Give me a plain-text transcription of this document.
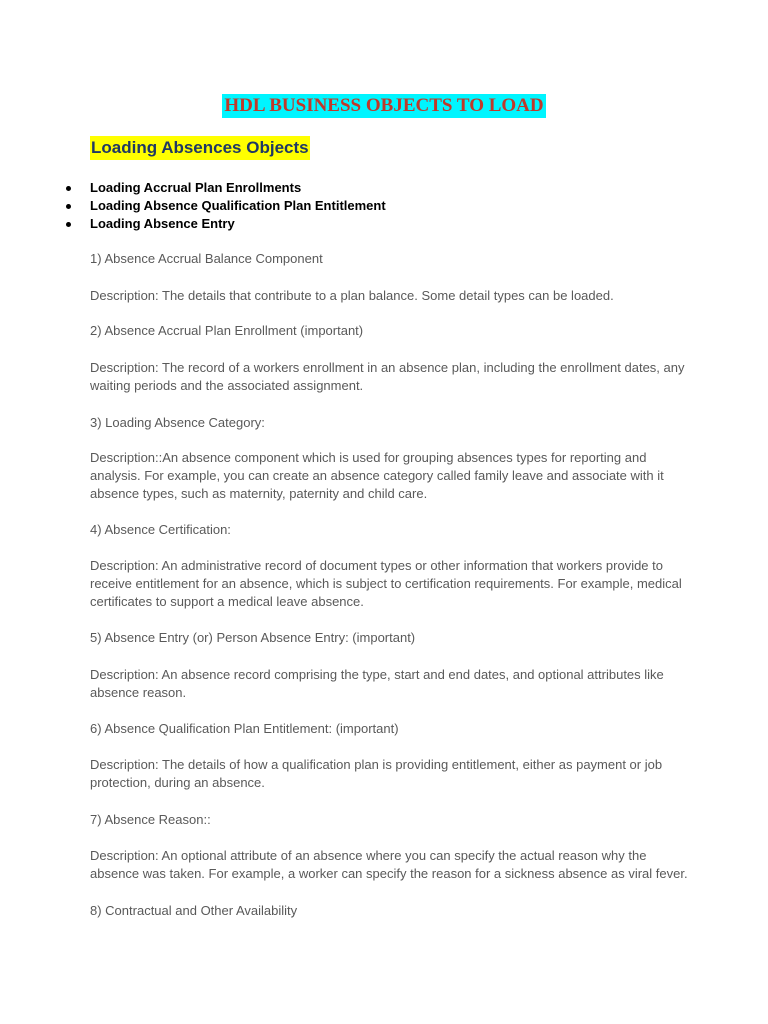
HDL BUSINESS OBJECTS TO LOAD
Loading Absences Objects
Loading Accrual Plan Enrollments
Loading Absence Qualification Plan Entitlement
Loading Absence Entry

1) Absence Accrual Balance Component

Description: The details that contribute to a plan balance. Some detail types can be loaded.

2) Absence Accrual Plan Enrollment (important)

Description: The record of a workers enrollment in an absence plan, including the enrollment dates, any waiting periods and the associated assignment.

3) Loading Absence Category:

Description::An absence component which is used for grouping absences types for reporting and analysis. For example, you can create an absence category called family leave and associate with it absence types, such as maternity, paternity and child care.

4) Absence Certification:

Description: An administrative record of document types or other information that workers provide to receive entitlement for an absence, which is subject to certification requirements. For example, medical certificates to support a medical leave absence.

5) Absence Entry (or) Person Absence Entry: (important)

Description: An absence record comprising the type, start and end dates, and optional attributes like absence reason.

6) Absence Qualification Plan Entitlement: (important)

Description: The details of how a qualification plan is providing entitlement, either as payment or job protection, during an absence.

7) Absence Reason::

Description: An optional attribute of an absence where you can specify the actual reason why the absence was taken. For example, a worker can specify the reason for a sickness absence as viral fever.

8) Contractual and Other Availability
